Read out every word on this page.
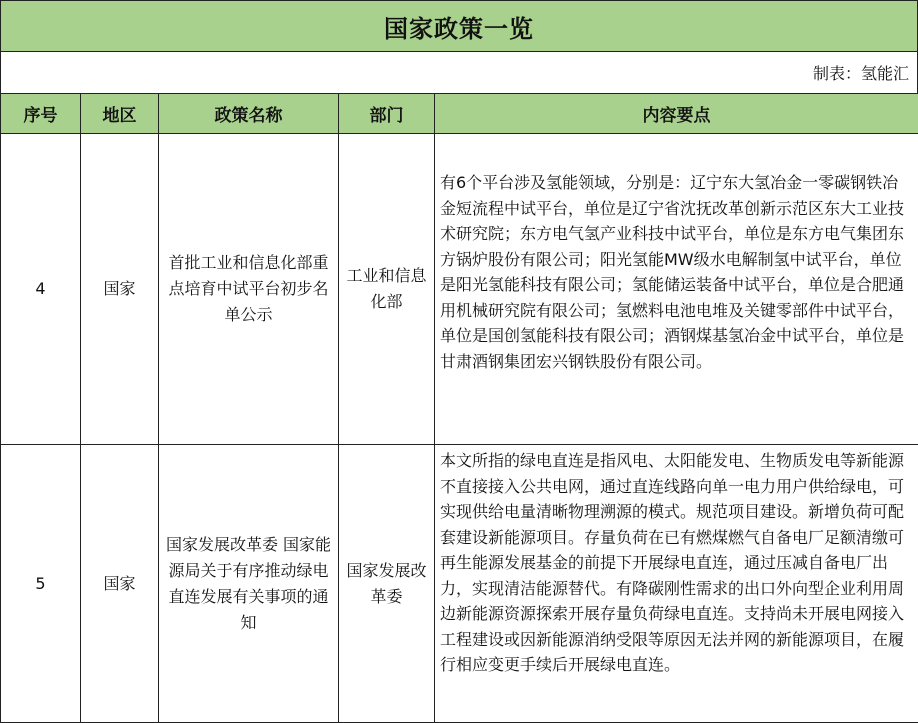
国家政策一览
制表：氢能汇
序号	地区	政策名称	部门	内容要点
4	国家	首批工业和信息化部重点培育中试平台初步名单公示	工业和信息化部	有6个平台涉及氢能领域，分别是：辽宁东大氢冶金一零碳钢铁冶金短流程中试平台，单位是辽宁省沈抚改革创新示范区东大工业技术研究院；东方电气氢产业科技中试平台，单位是东方电气集团东方锅炉股份有限公司；阳光氢能MW级水电解制氢中试平台，单位是阳光氢能科技有限公司；氢能储运装备中试平台，单位是合肥通用机械研究院有限公司；氢燃料电池电堆及关键零部件中试平台，单位是国创氢能科技有限公司；酒钢煤基氢冶金中试平台，单位是甘肃酒钢集团宏兴钢铁股份有限公司。
5	国家	国家发展改革委 国家能源局关于有序推动绿电直连发展有关事项的通知	国家发展改革委	本文所指的绿电直连是指风电、太阳能发电、生物质发电等新能源不直接接入公共电网，通过直连线路向单一电力用户供给绿电，可实现供给电量清晰物理溯源的模式。规范项目建设。新增负荷可配套建设新能源项目。存量负荷在已有燃煤燃气自备电厂足额清缴可再生能源发展基金的前提下开展绿电直连，通过压减自备电厂出力，实现清洁能源替代。有降碳刚性需求的出口外向型企业利用周边新能源资源探索开展存量负荷绿电直连。支持尚未开展电网接入工程建设或因新能源消纳受限等原因无法并网的新能源项目，在履行相应变更手续后开展绿电直连。
